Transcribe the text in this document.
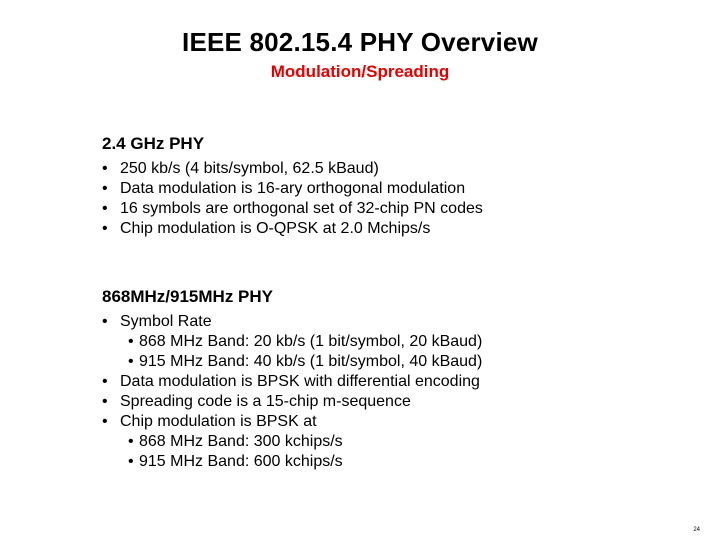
IEEE 802.15.4 PHY Overview
Modulation/Spreading
2.4 GHz PHY
• 250 kb/s (4 bits/symbol, 62.5 kBaud)
• Data modulation is 16-ary orthogonal modulation
• 16 symbols are orthogonal set of 32-chip PN codes
• Chip modulation is O-QPSK at 2.0 Mchips/s
868MHz/915MHz PHY
• Symbol Rate
• 868 MHz Band: 20 kb/s (1 bit/symbol, 20 kBaud)
• 915 MHz Band: 40 kb/s (1 bit/symbol, 40 kBaud)
• Data modulation is BPSK with differential encoding
• Spreading code is a 15-chip m-sequence
• Chip modulation is BPSK at
• 868 MHz Band: 300 kchips/s
• 915 MHz Band: 600 kchips/s
24
